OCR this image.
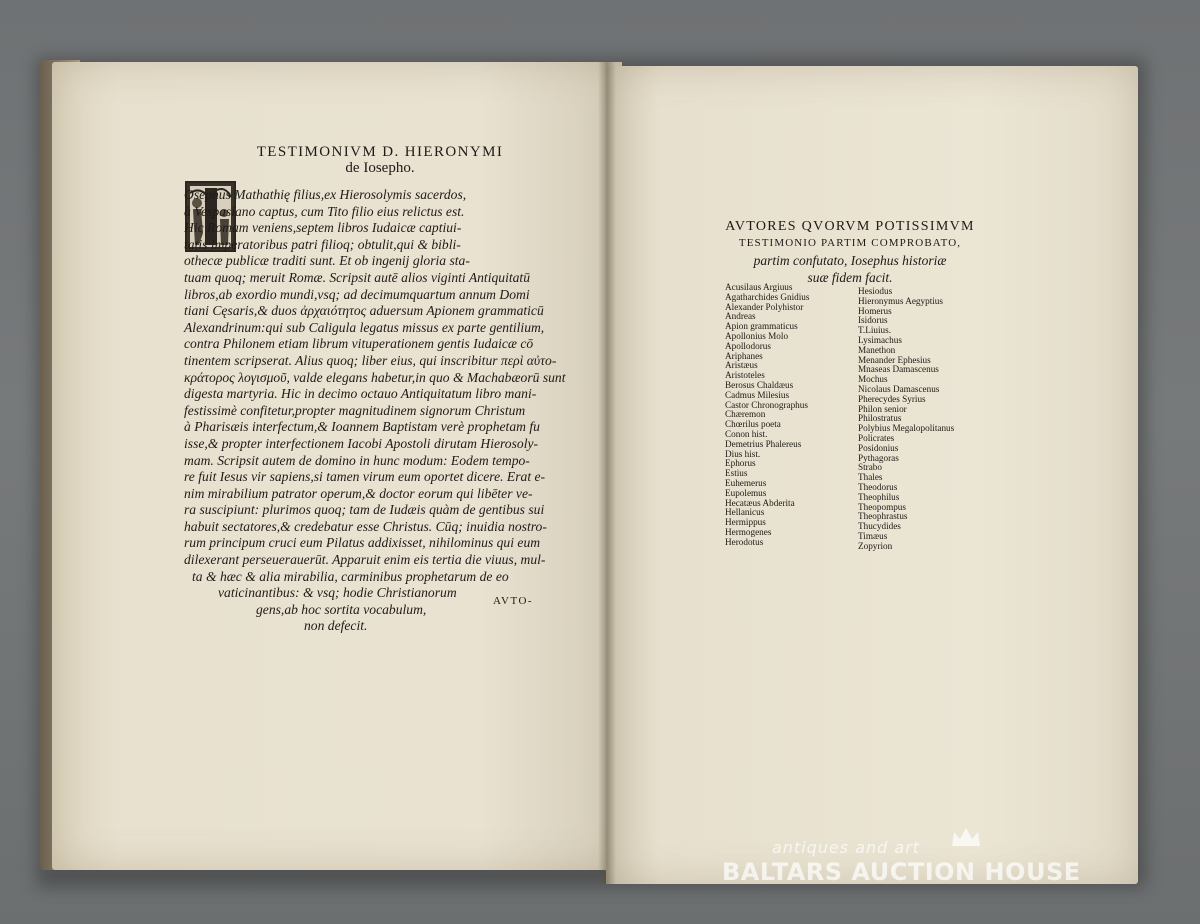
TESTIMONIVM D. HIERONYMI
de Iosepho.
Osephus Mathathię filius,ex Hierosolymis sacerdos,
à Vespasiano captus, cum Tito filio eius relictus est.
Hic Romam veniens,septem libros Iudaicæ captiui-
tatis imperatoribus patri filioq; obtulit,qui & bibli-
othecæ publicæ traditi sunt. Et ob ingenij gloria sta-
tuam quoq; meruit Romæ. Scripsit autē alios viginti Antiquitatū
libros,ab exordio mundi,vsq; ad decimumquartum annum Domi
tiani Cęsaris,& duos ἀρχαιότητος aduersum Apionem grammaticū
Alexandrinum:qui sub Caligula legatus missus ex parte gentilium,
contra Philonem etiam librum vituperationem gentis Iudaicæ cō
tinentem scripserat. Alius quoq; liber eius, qui inscribitur περὶ αὐτο-
κράτορος λογισμοῦ, valde elegans habetur,in quo & Machabæorū sunt
digesta martyria. Hic in decimo octauo Antiquitatum libro mani-
festissimè confitetur,propter magnitudinem signorum Christum
à Pharisæis interfectum,& Ioannem Baptistam verè prophetam fu
isse,& propter interfectionem Iacobi Apostoli dirutam Hierosoly-
mam. Scripsit autem de domino in hunc modum: Eodem tempo-
re fuit Iesus vir sapiens,si tamen virum eum oportet dicere. Erat e-
nim mirabilium patrator operum,& doctor eorum qui libēter ve-
ra suscipiunt: plurimos quoq; tam de Iudæis quàm de gentibus sui
habuit sectatores,& credebatur esse Christus. Cūq; inuidia nostro-
rum principum cruci eum Pilatus addixisset, nihilominus qui eum
dilexerant perseuerauerūt. Apparuit enim eis tertia die viuus, mul-
ta & hæc & alia mirabilia, carminibus prophetarum de eo
vaticinantibus: & vsq; hodie Christianorum
gens,ab hoc sortita vocabulum,
non defecit.
AVTO-
AVTORES QVORVM POTISSIMVM
TESTIMONIO PARTIM COMPROBATO,
partim confutato, Iosephus historiæ
suæ fidem facit.
Acusilaus Argiuus
Agatharchides Gnidius
Alexander Polyhistor
Andreas
Apion grammaticus
Apollonius Molo
Apollodorus
Ariphanes
Aristæus
Aristoteles
Berosus Chaldæus
Cadmus Milesius
Castor Chronographus
Chæremon
Chœrilus poeta
Conon hist.
Demetrius Phalereus
Dius hist.
Ephorus
Estius
Euhemerus
Eupolemus
Hecatæus Abderita
Hellanicus
Hermippus
Hermogenes
Herodotus
Hesiodus
Hieronymus Aegyptius
Homerus
Isidorus
T.Liuius.
Lysimachus
Manethon
Menander Ephesius
Mnaseas Damascenus
Mochus
Nicolaus Damascenus
Pherecydes Syrius
Philon senior
Philostratus
Polybius Megalopolitanus
Policrates
Posidonius
Pythagoras
Strabo
Thales
Theodorus
Theophilus
Theopompus
Theophrastus
Thucydides
Timæus
Zopyrion
antiques and art
BALTARS AUCTION HOUSE
